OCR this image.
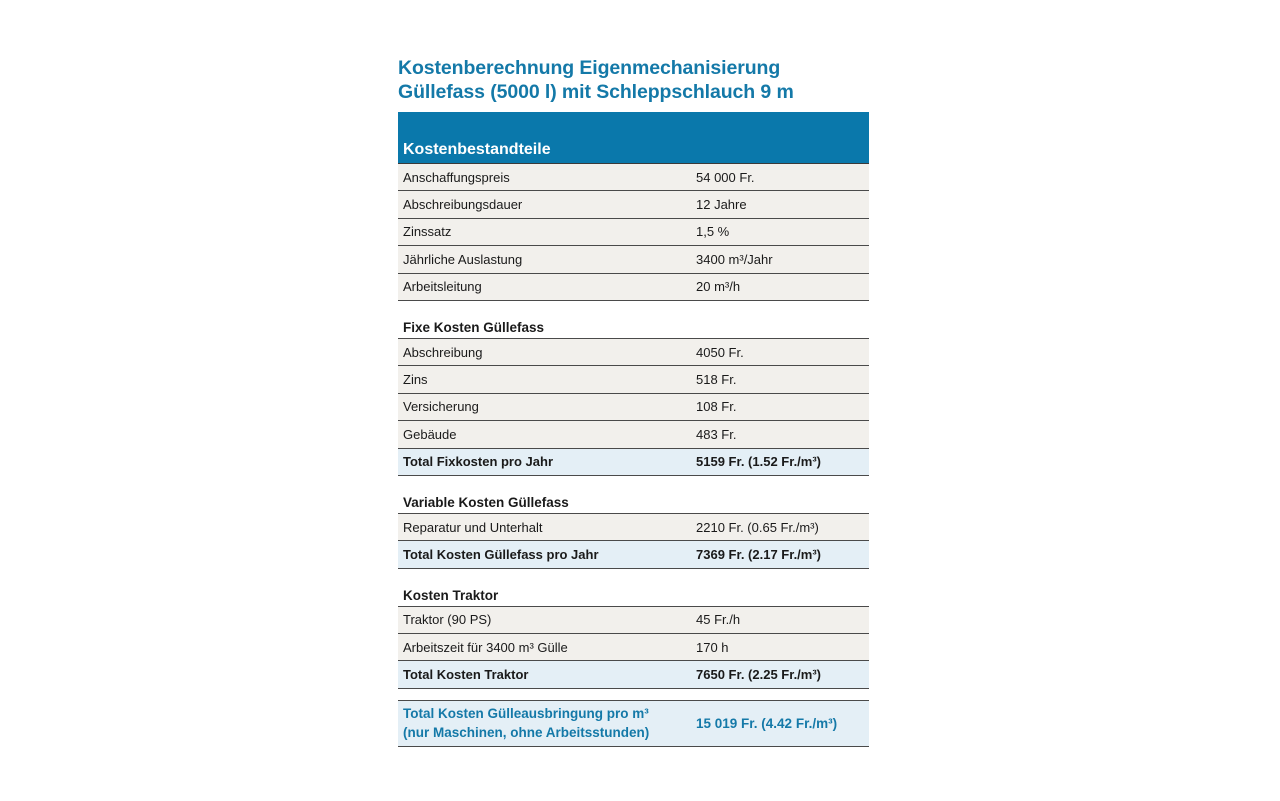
Kostenberechnung Eigenmechanisierung
Güllefass (5000 l) mit Schleppschlauch 9 m
Kostenbestandteile
Anschaffungspreis	54 000 Fr.
Abschreibungsdauer	12 Jahre
Zinssatz	1,5 %
Jährliche Auslastung	3400 m³/Jahr
Arbeitsleitung	20 m³/h
Fixe Kosten Güllefass
Abschreibung	4050 Fr.
Zins	518 Fr.
Versicherung	108 Fr.
Gebäude	483 Fr.
Total Fixkosten pro Jahr	5159 Fr. (1.52 Fr./m³)
Variable Kosten Güllefass
Reparatur und Unterhalt	2210 Fr. (0.65 Fr./m³)
Total Kosten Güllefass pro Jahr	7369 Fr. (2.17 Fr./m³)
Kosten Traktor
Traktor (90 PS)	45 Fr./h
Arbeitszeit für 3400 m³ Gülle	170 h
Total Kosten Traktor	7650 Fr. (2.25 Fr./m³)
Total Kosten Gülleausbringung pro m³
(nur Maschinen, ohne Arbeitsstunden)
15 019 Fr. (4.42 Fr./m³)
